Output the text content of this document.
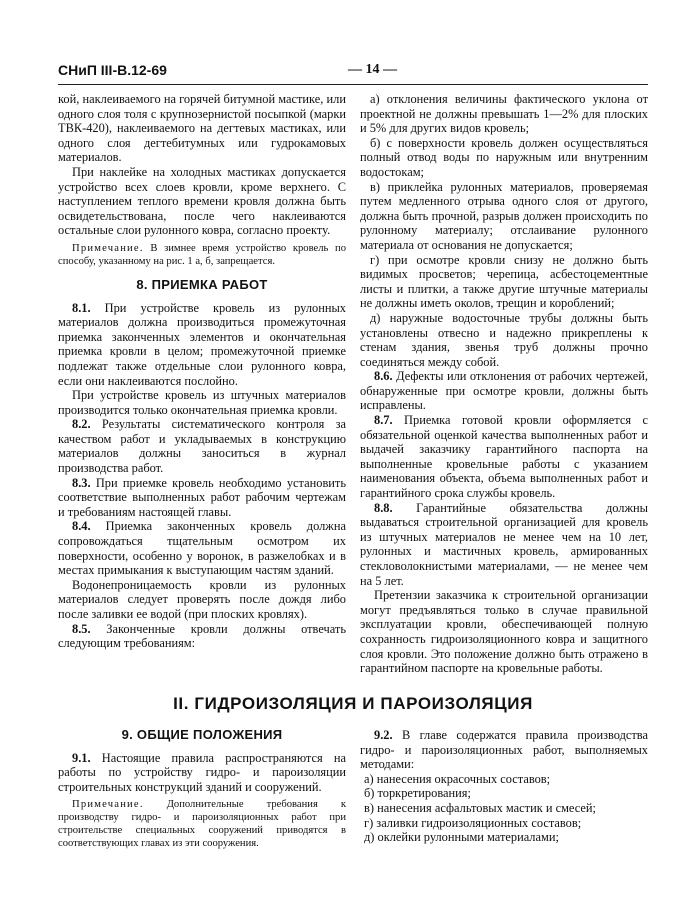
СНиП III-В.12-69	— 14 —

кой, наклеиваемого на горячей битумной мастике, или одного слоя толя с крупнозернистой посыпкой (марки ТВК-420), наклеиваемого на дегтевых мастиках, или одного слоя дегтебитумных или гудрокамовых материалов.

При наклейке на холодных мастиках допускается устройство всех слоев кровли, кроме верхнего. С наступлением теплого времени кровля должна быть освидетельствована, после чего наклеиваются остальные слои рулонного ковра, согласно проекту.

Примечание. В зимнее время устройство кровель по способу, указанному на рис. 1 а, б, запрещается.

8. ПРИЕМКА РАБОТ

8.1. При устройстве кровель из рулонных материалов должна производиться промежуточная приемка законченных элементов и окончательная приемка кровли в целом; промежуточной приемке подлежат также отдельные слои рулонного ковра, если они наклеиваются послойно.

При устройстве кровель из штучных материалов производится только окончательная приемка кровли.

8.2. Результаты систематического контроля за качеством работ и укладываемых в конструкцию материалов должны заноситься в журнал производства работ.

8.3. При приемке кровель необходимо установить соответствие выполненных работ рабочим чертежам и требованиям настоящей главы.

8.4. Приемка законченных кровель должна сопровождаться тщательным осмотром их поверхности, особенно у воронок, в разжелобках и в местах примыкания к выступающим частям зданий.

Водонепроницаемость кровли из рулонных материалов следует проверять после дождя либо после заливки ее водой (при плоских кровлях).

8.5. Законченные кровли должны отвечать следующим требованиям:

а) отклонения величины фактического уклона от проектной не должны превышать 1—2% для плоских и 5% для других видов кровель;

б) с поверхности кровель должен осуществляться полный отвод воды по наружным или внутренним водостокам;

в) приклейка рулонных материалов, проверяемая путем медленного отрыва одного слоя от другого, должна быть прочной, разрыв должен происходить по рулонному материалу; отслаивание рулонного материала от основания не допускается;

г) при осмотре кровли снизу не должно быть видимых просветов; черепица, асбестоцементные листы и плитки, а также другие штучные материалы не должны иметь околов, трещин и короблений;

д) наружные водосточные трубы должны быть установлены отвесно и надежно прикреплены к стенам здания, звенья труб должны прочно соединяться между собой.

8.6. Дефекты или отклонения от рабочих чертежей, обнаруженные при осмотре кровли, должны быть исправлены.

8.7. Приемка готовой кровли оформляется с обязательной оценкой качества выполненных работ и выдачей заказчику гарантийного паспорта на выполненные кровельные работы с указанием наименования объекта, объема выполненных работ и гарантийного срока службы кровель.

8.8. Гарантийные обязательства должны выдаваться строительной организацией для кровель из штучных материалов не менее чем на 10 лет, рулонных и мастичных кровель, армированных стекловолокнистыми материалами, — не менее чем на 5 лет.

Претензии заказчика к строительной организации могут предъявляться только в случае правильной эксплуатации кровли, обеспечивающей полную сохранность гидроизоляционного ковра и защитного слоя кровли. Это положение должно быть отражено в гарантийном паспорте на кровельные работы.

II. ГИДРОИЗОЛЯЦИЯ И ПАРОИЗОЛЯЦИЯ
9. ОБЩИЕ ПОЛОЖЕНИЯ

9.1. Настоящие правила распространяются на работы по устройству гидро- и пароизоляции строительных конструкций зданий и сооружений.

Примечание. Дополнительные требования к производству гидро- и пароизоляционных работ при строительстве специальных сооружений приводятся в соответствующих главах из эти сооружения.

9.2. В главе содержатся правила производства гидро- и пароизоляционных работ, выполняемых методами:

а) нанесения окрасочных составов;

б) торкретирования;

в) нанесения асфальтовых мастик и смесей;

г) заливки гидроизоляционных составов;

д) оклейки рулонными материалами;
